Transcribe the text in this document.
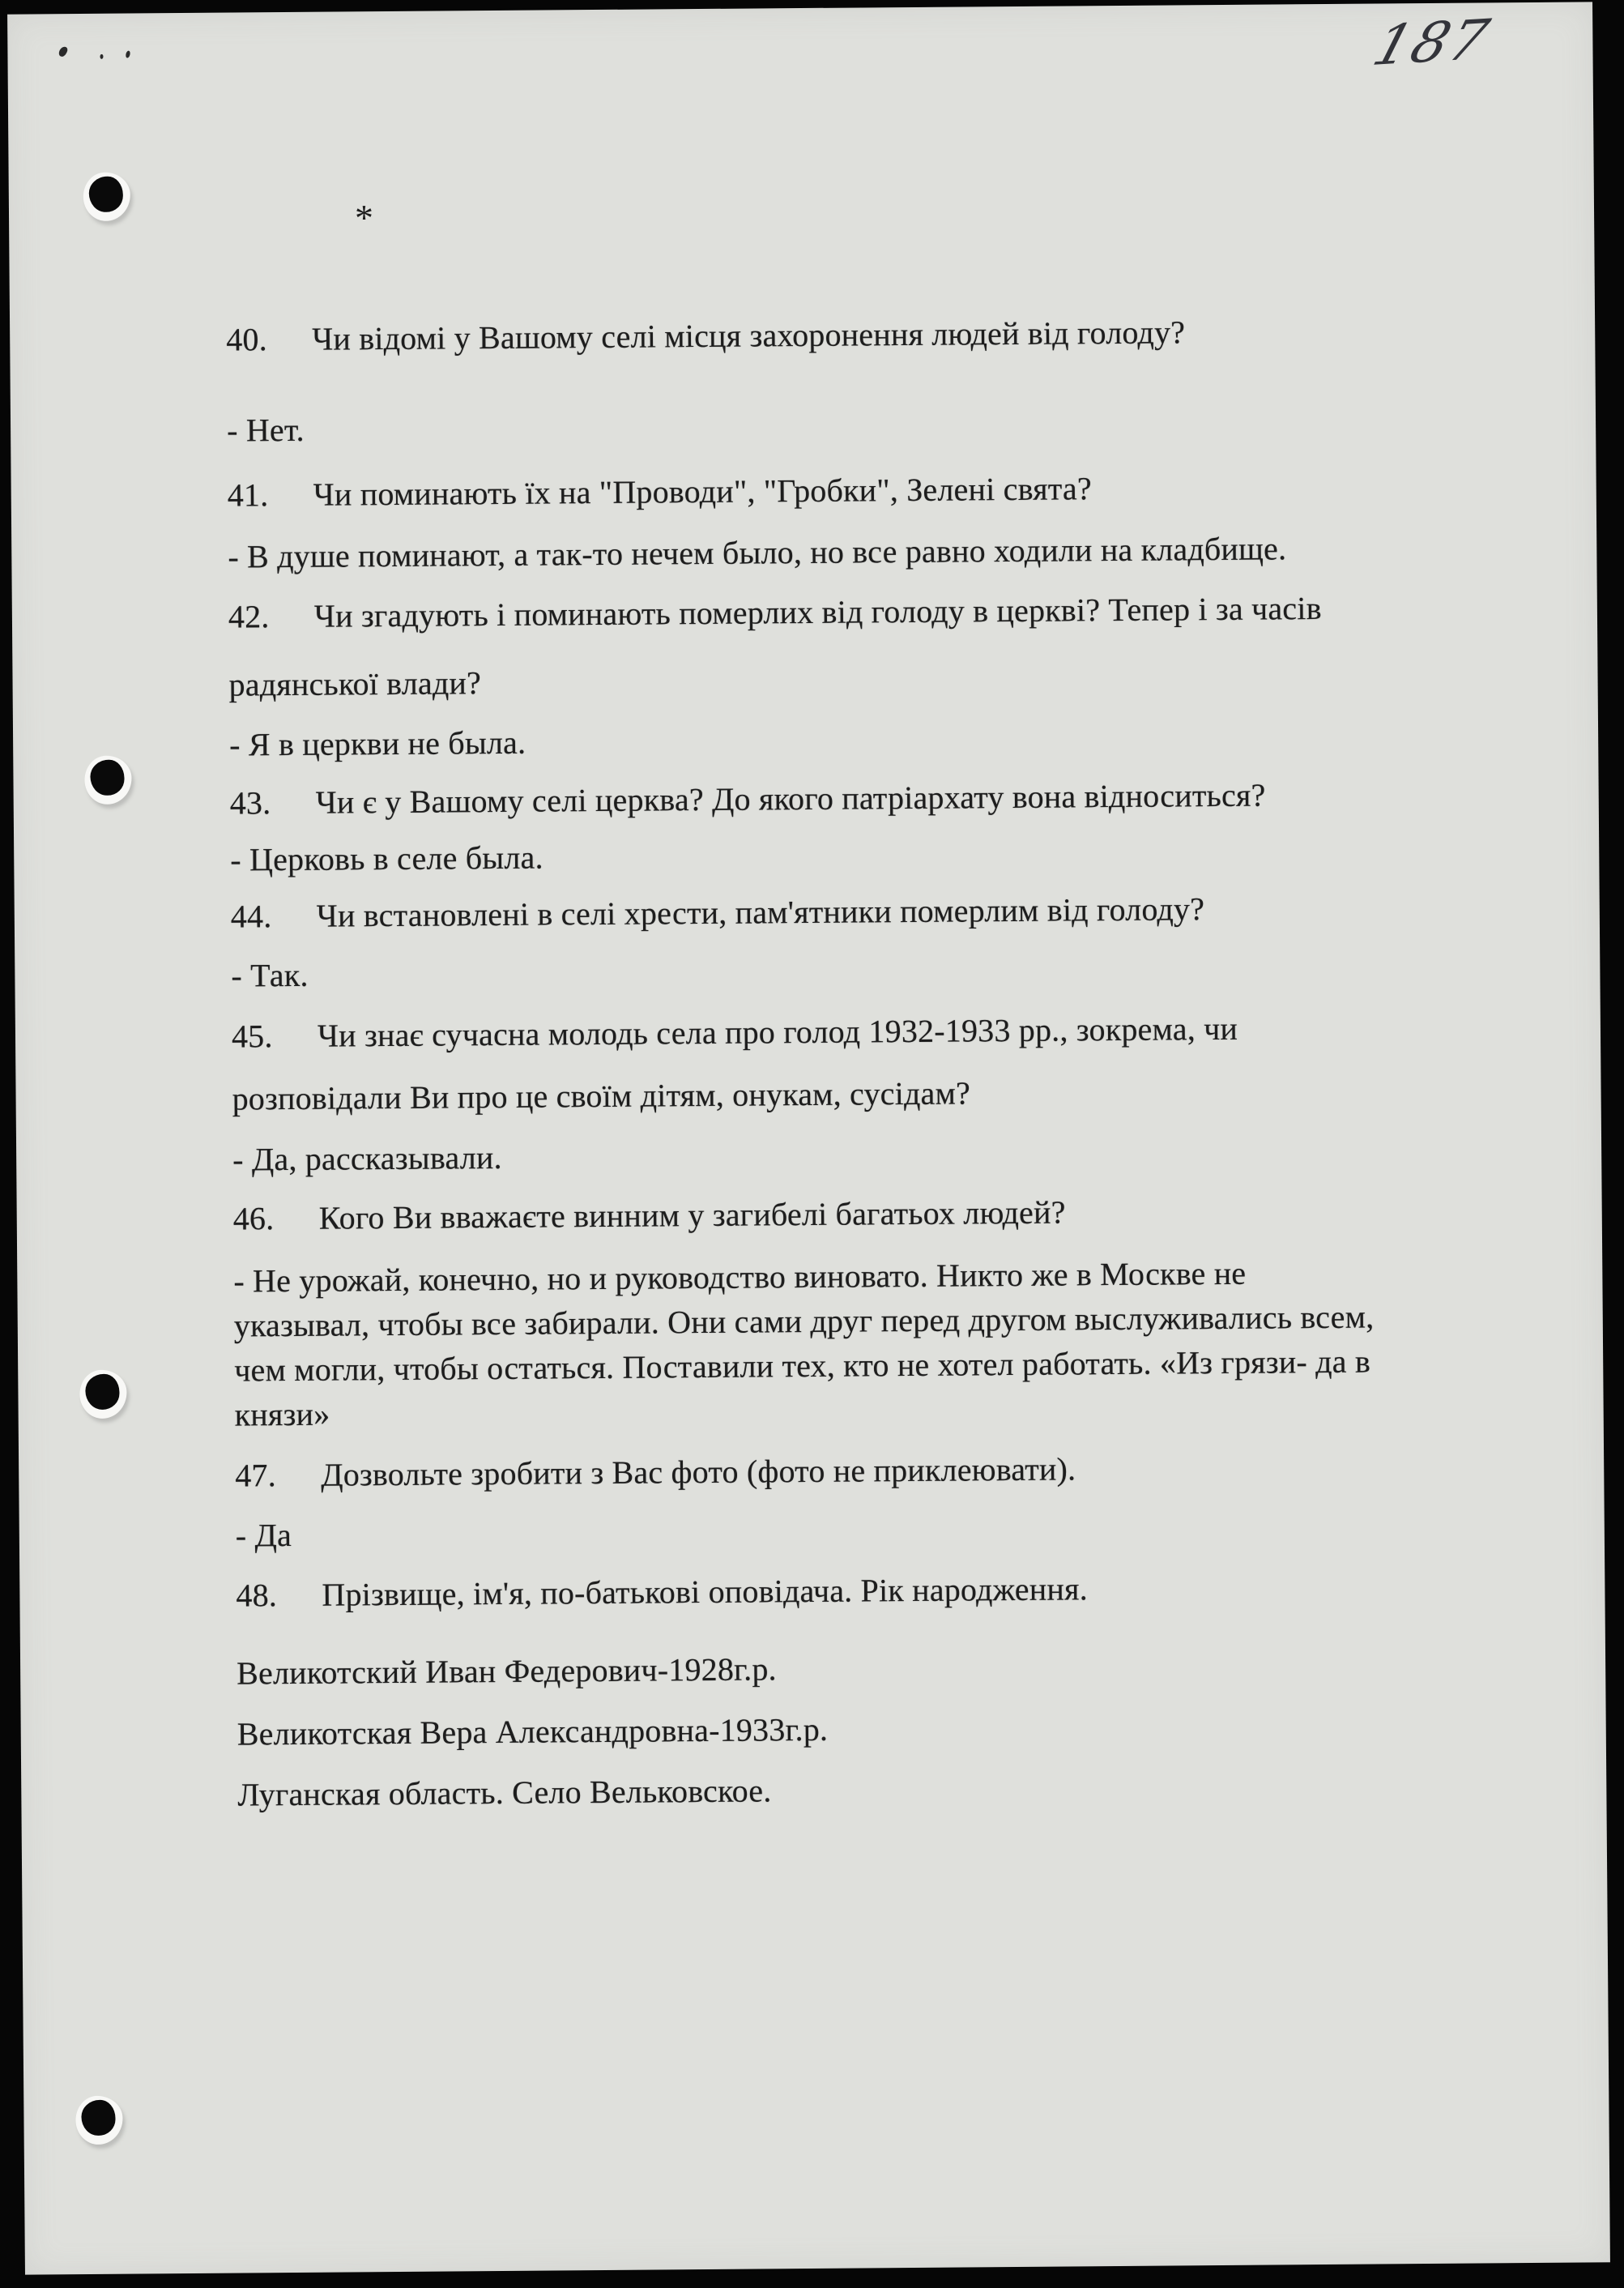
187
*
40. Чи відомі у Вашому селі місця захоронення людей від голоду?
- Нет.
41. Чи поминають їх на "Проводи", "Гробки", Зелені свята?
- В душе поминают, а так-то нечем было, но все равно ходили на кладбище.
42. Чи згадують і поминають померлих від голоду в церкві? Тепер і за часів
радянської влади?
- Я в церкви не была.
43. Чи є у Вашому селі церква? До якого патріархату вона відноситься?
- Церковь в селе была.
44. Чи встановлені в селі хрести, пам'ятники померлим від голоду?
- Так.
45. Чи знає сучасна молодь села про голод 1932-1933 рр., зокрема, чи
розповідали Ви про це своїм дітям, онукам, сусідам?
- Да, рассказывали.
46. Кого Ви вважаєте винним у загибелі багатьох людей?
- Не урожай, конечно, но и руководство виновато. Никто же в Москве не
указывал, чтобы все забирали. Они сами друг перед другом выслуживались всем,
чем могли, чтобы остаться. Поставили тех, кто не хотел работать. «Из грязи- да в
князи»
47. Дозвольте зробити з Вас фото (фото не приклеювати).
- Да
48. Прізвище, ім'я, по-батькові оповідача. Рік народження.
Великотский Иван Федерович-1928г.р.
Великотская Вера Александровна-1933г.р.
Луганская область. Село Вельковское.
